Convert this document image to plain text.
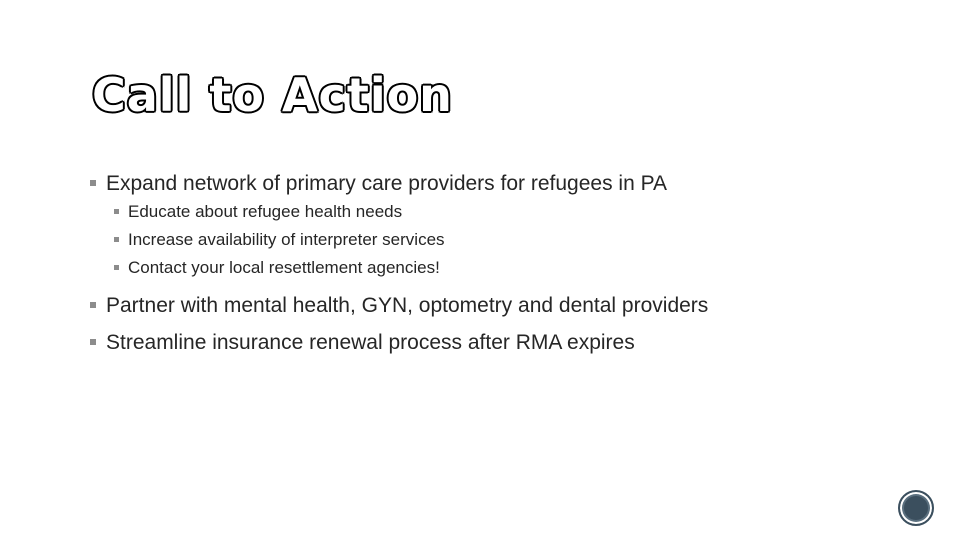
Call to Action
Expand network of primary care providers for refugees in PA
Educate about refugee health needs
Increase availability of interpreter services
Contact your local resettlement agencies!
Partner with mental health, GYN, optometry and dental providers
Streamline insurance renewal process after RMA expires
